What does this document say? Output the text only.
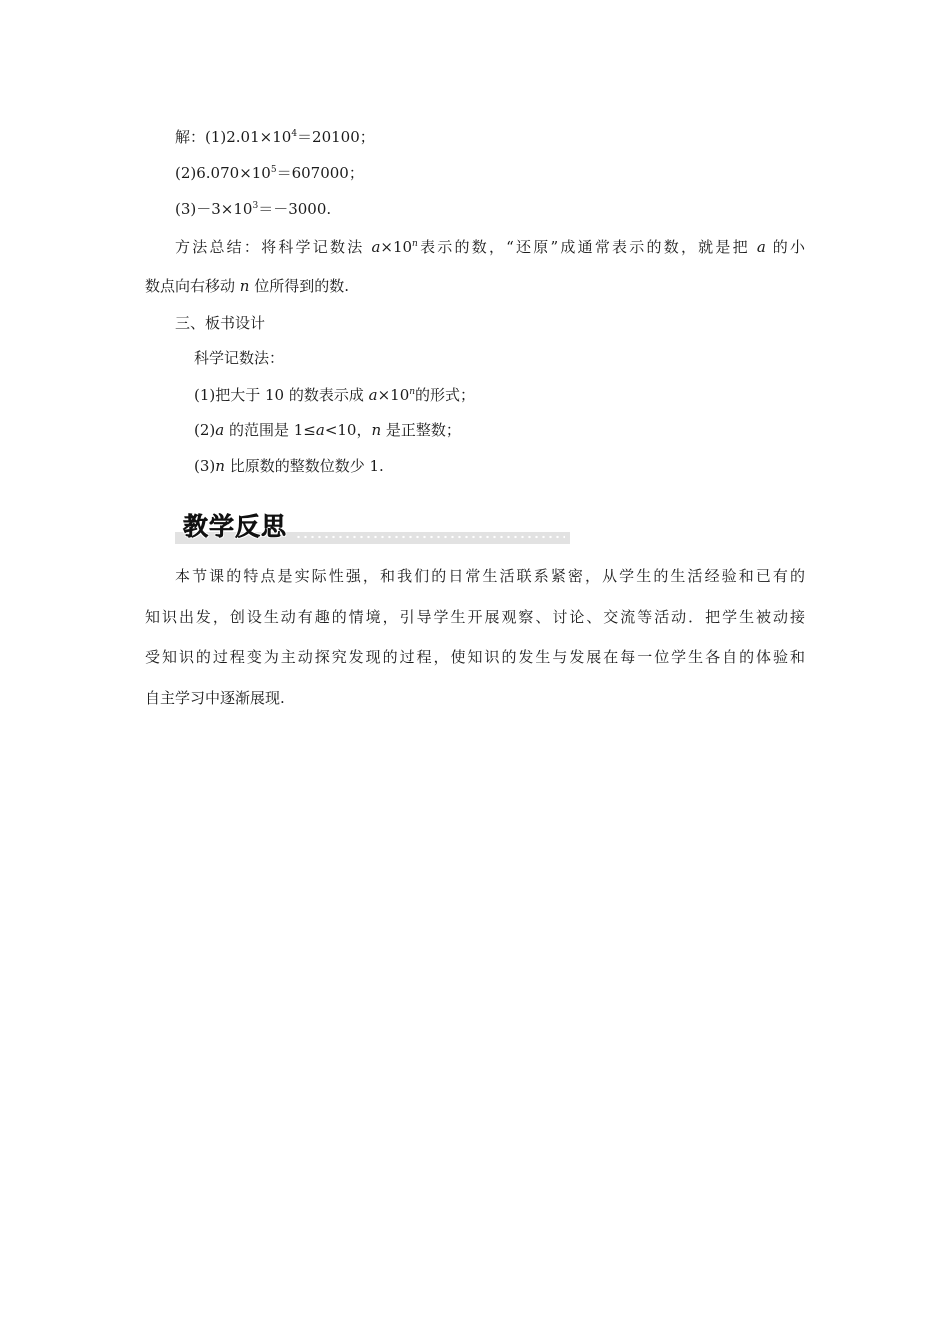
解：$(1)2.01\times 10^4=20100$；
$(2)6.070\times 10^5=607000$；
$(3)-3\times 10^3=-3000$.
方法总结：将科学记数法 $a\times 10^n$表示的数，“还原”成通常表示的数，就是把 a 的小
数点向右移动 n 位所得到的数.
三、板书设计
科学记数法：
(1)把大于 10 的数表示成 $a\times 10^n$的形式；
(2)a 的范围是 1≤a<10，n 是正整数；
(3)n 比原数的整数位数少 1.
教学反思
本节课的特点是实际性强，和我们的日常生活联系紧密，从学生的生活经验和已有的
知识出发，创设生动有趣的情境，引导学生开展观察、讨论、交流等活动．把学生被动接
受知识的过程变为主动探究发现的过程，使知识的发生与发展在每一位学生各自的体验和
自主学习中逐渐展现.
